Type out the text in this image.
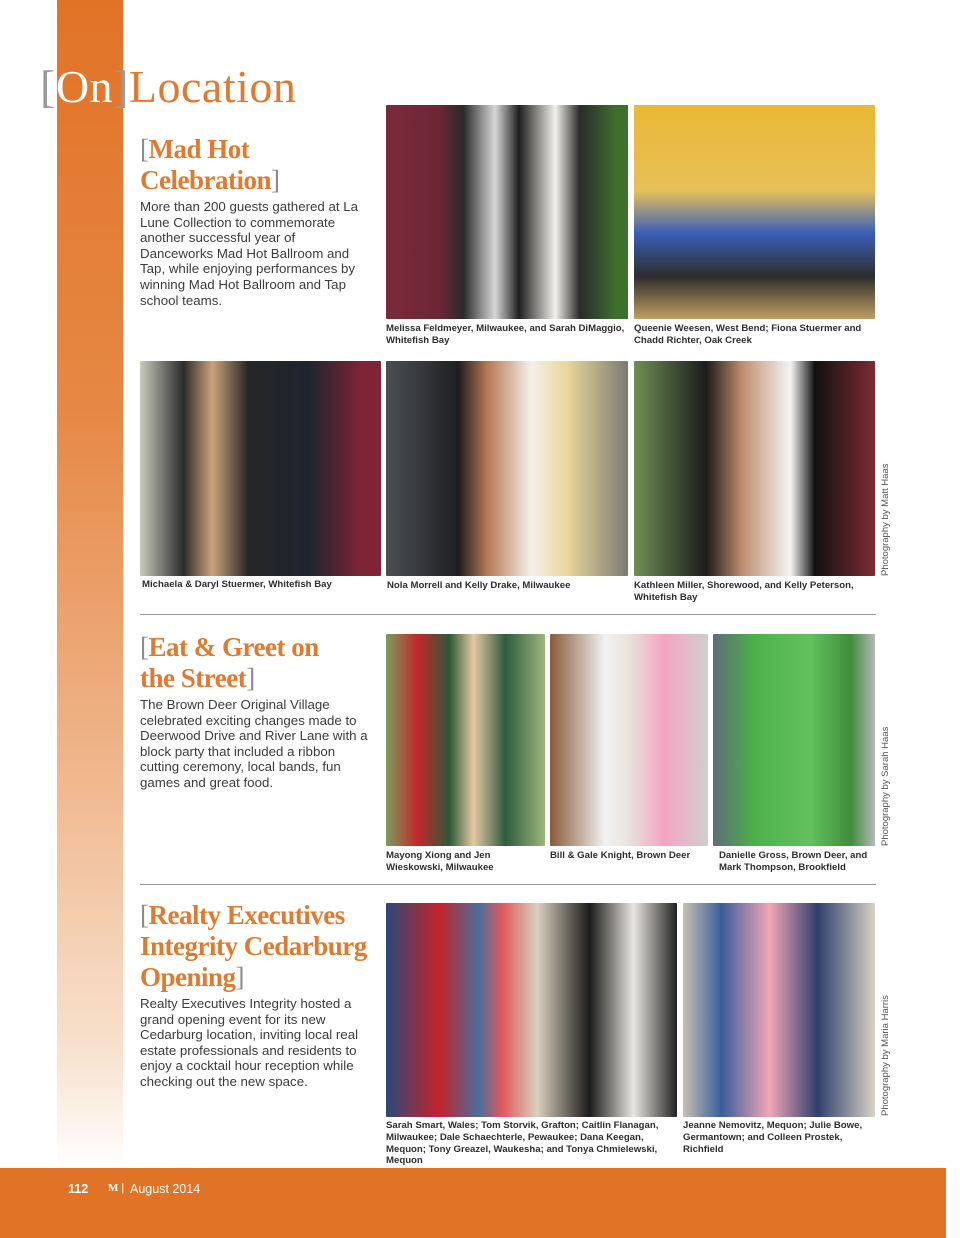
[On]Location
[Mad Hot
Celebration]
More than 200 guests gathered at La Lune Collection to commemorate another successful year of Danceworks Mad Hot Ballroom and Tap, while enjoying performances by winning Mad Hot Ballroom and Tap school teams.
Melissa Feldmeyer, Milwaukee, and Sarah DiMaggio, Whitefish Bay
Queenie Weesen, West Bend; Fiona Stuermer and Chadd Richter, Oak Creek
Michaela & Daryl Stuermer, Whitefish Bay	Nola Morrell and Kelly Drake, Milwaukee	Kathleen Miller, Shorewood, and Kelly Peterson, Whitefish Bay
Photography by Matt Haas
[Eat & Greet on
the Street]
The Brown Deer Original Village celebrated exciting changes made to Deerwood Drive and River Lane with a block party that included a ribbon cutting ceremony, local bands, fun games and great food.
Mayong Xiong and Jen Wieskowski, Milwaukee
Bill & Gale Knight, Brown Deer	Danielle Gross, Brown Deer, and Mark Thompson, Brookfield
Photography by Sarah Haas
[Realty Executives
Integrity Cedarburg
Opening]
Realty Executives Integrity hosted a grand opening event for its new Cedarburg location, inviting local real estate professionals and residents to enjoy a cocktail hour reception while checking out the new space.
Sarah Smart, Wales; Tom Storvik, Grafton; Caitlin Flanagan, Milwaukee; Dale Schaechterle, Pewaukee; Dana Keegan, Mequon; Tony Greazel, Waukesha; and Tonya Chmielewski, Mequon
Jeanne Nemovitz, Mequon; Julie Bowe, Germantown; and Colleen Prostek, Richfield
Photography by Maria Harris
112 M | August 2014
